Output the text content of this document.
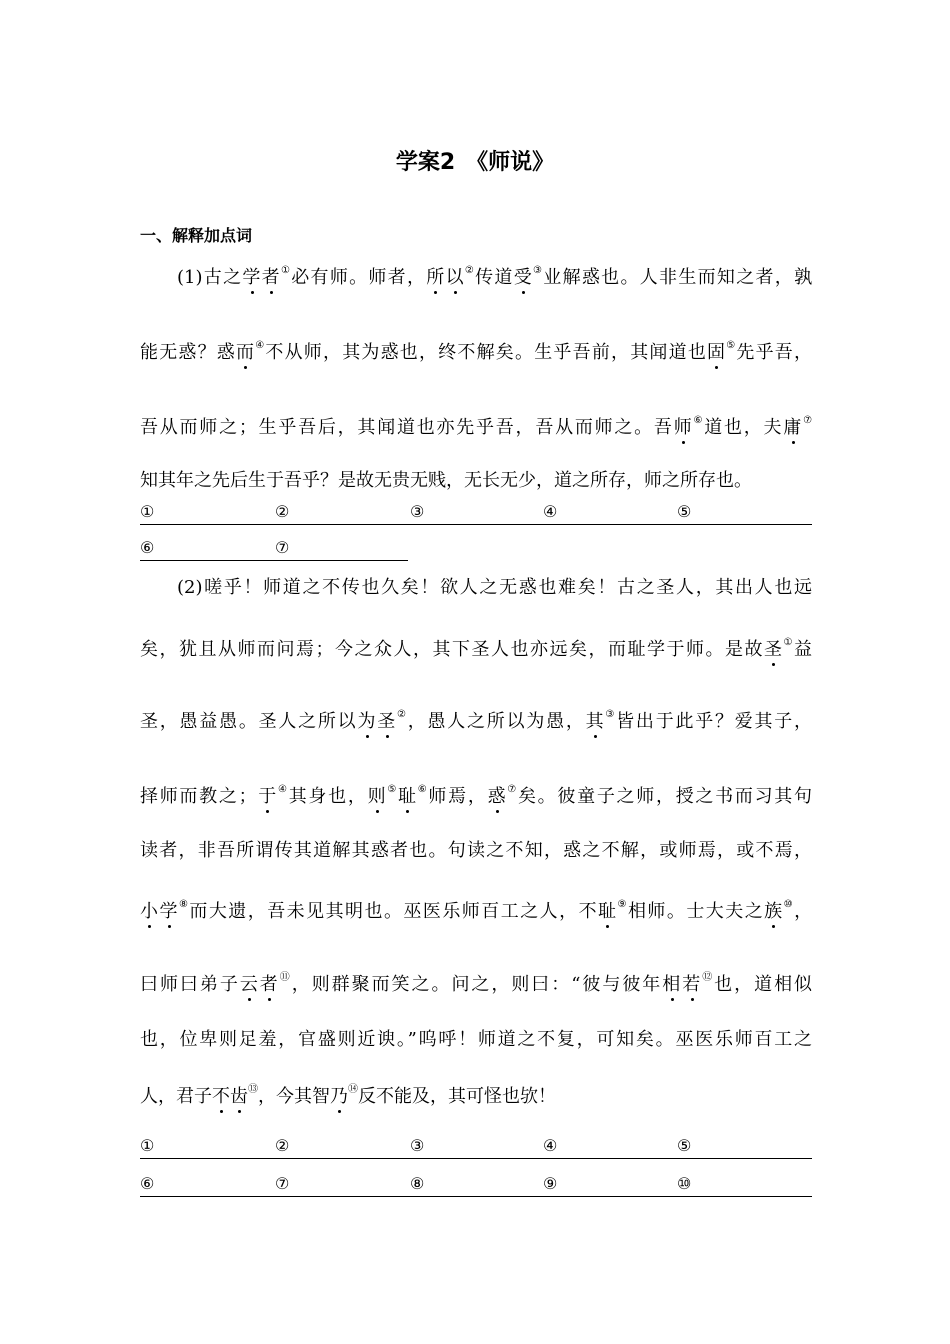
学案2　《师说》
一、解释加点词
(1)古之学者①必有师。师者，所以②传道受③业解惑也。人非生而知之者，孰
能无惑？惑而④不从师，其为惑也，终不解矣。生乎吾前，其闻道也固⑤先乎吾，
吾从而师之；生乎吾后，其闻道也亦先乎吾，吾从而师之。吾师⑥道也，夫庸⑦
知其年之先后生于吾乎？是故无贵无贱，无长无少，道之所存，师之所存也。
①	②	③	④	⑤
⑥	⑦
(2)嗟乎！师道之不传也久矣！欲人之无惑也难矣！古之圣人，其出人也远
矣，犹且从师而问焉；今之众人，其下圣人也亦远矣，而耻学于师。是故圣①益
圣，愚益愚。圣人之所以为圣②，愚人之所以为愚，其③皆出于此乎？爱其子，
择师而教之；于④其身也，则⑤耻⑥师焉，惑⑦矣。彼童子之师，授之书而习其句
读者，非吾所谓传其道解其惑者也。句读之不知，惑之不解，或师焉，或不焉，
小学⑧而大遗，吾未见其明也。巫医乐师百工之人，不耻⑨相师。士大夫之族⑩，
曰师曰弟子云者⑪，则群聚而笑之。问之，则曰：“彼与彼年相若⑫也，道相似
也，位卑则足羞，官盛则近谀。”呜呼！师道之不复，可知矣。巫医乐师百工之
人，君子不齿⑬，今其智乃⑭反不能及，其可怪也欤！
①	②	③	④	⑤
⑥	⑦	⑧	⑨	⑩
